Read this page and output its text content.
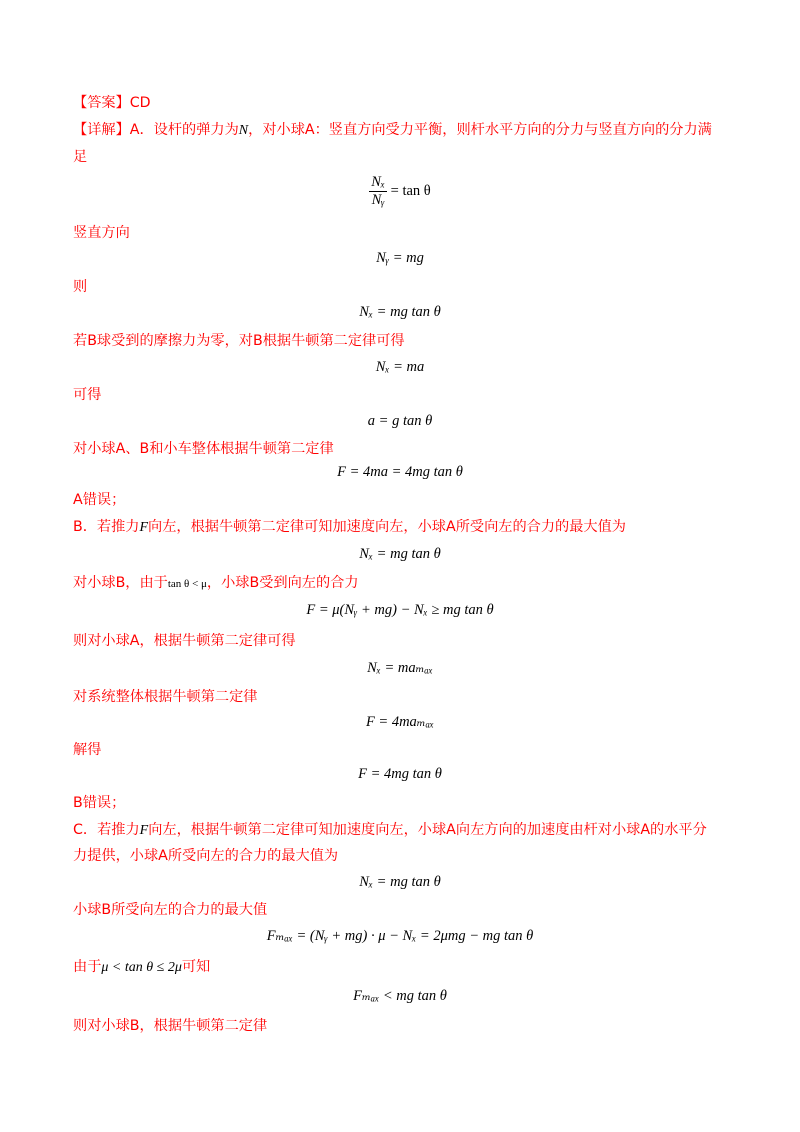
【答案】CD
【详解】A．设杆的弹力为N，对小球A：竖直方向受力平衡，则杆水平方向的分力与竖直方向的分力满
足
$\frac{\text{Nₓ}}{\text{Nᵧ}} = \tan \theta$
竖直方向
Nᵧ = mg
则
Nₓ = mg tan θ
若B球受到的摩擦力为零，对B根据牛顿第二定律可得
Nₓ = ma
可得
a = g tan θ
对小球A、B和小车整体根据牛顿第二定律
F = 4ma = 4mg tan θ
A错误；
B．若推力F向左，根据牛顿第二定律可知加速度向左，小球A所受向左的合力的最大值为
Nₓ = mg tan θ
对小球B，由于tan θ < μ，小球B受到向左的合力
F = μ(Nᵧ + mg) − Nₓ ≥ mg tan θ
则对小球A，根据牛顿第二定律可得
Nₓ = maₘₐₓ
对系统整体根据牛顿第二定律
F = 4maₘₐₓ
解得
F = 4mg tan θ
B错误；
C．若推力F向左，根据牛顿第二定律可知加速度向左，小球A向左方向的加速度由杆对小球A的水平分
力提供，小球A所受向左的合力的最大值为
Nₓ = mg tan θ
小球B所受向左的合力的最大值
Fₘₐₓ = (Nᵧ + mg) · μ − Nₓ = 2μmg − mg tan θ
由于μ < tan θ ≤ 2μ可知
Fₘₐₓ < mg tan θ
则对小球B，根据牛顿第二定律
